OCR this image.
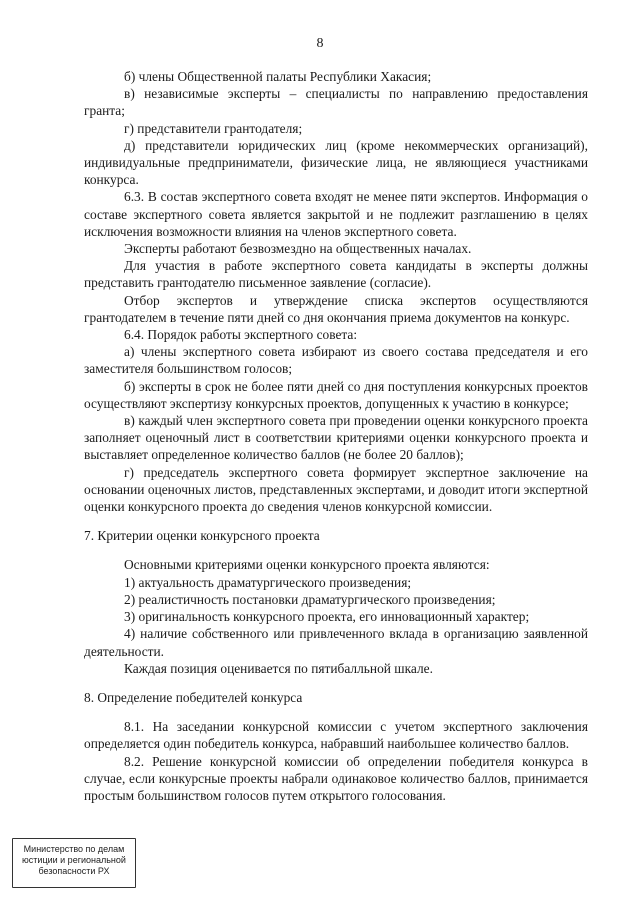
8

б) члены Общественной палаты Республики Хакасия;

в) независимые эксперты – специалисты по направлению предоставления гранта;

г) представители грантодателя;

д) представители юридических лиц (кроме некоммерческих организаций), индивидуальные предприниматели, физические лица, не являющиеся участниками конкурса.

6.3. В состав экспертного совета входят не менее пяти экспертов. Информация о составе экспертного совета является закрытой и не подлежит разглашению в целях исключения возможности влияния на членов экспертного совета.

Эксперты работают безвозмездно на общественных началах.

Для участия в работе экспертного совета кандидаты в эксперты должны представить грантодателю письменное заявление (согласие).

Отбор экспертов и утверждение списка экспертов осуществляются грантодателем в течение пяти дней со дня окончания приема документов на конкурс.

6.4. Порядок работы экспертного совета:

а) члены экспертного совета избирают из своего состава председателя и его заместителя большинством голосов;

б) эксперты в срок не более пяти дней со дня поступления конкурсных проектов осуществляют экспертизу конкурсных проектов, допущенных к участию в конкурсе;

в) каждый член экспертного совета при проведении оценки конкурсного проекта заполняет оценочный лист в соответствии критериями оценки конкурсного проекта и выставляет определенное количество баллов (не более 20 баллов);

г) председатель экспертного совета формирует экспертное заключение на основании оценочных листов, представленных экспертами, и доводит итоги экспертной оценки конкурсного проекта до сведения членов конкурсной комиссии.

7. Критерии оценки конкурсного проекта

Основными критериями оценки конкурсного проекта являются:

1) актуальность драматургического произведения;

2) реалистичность постановки драматургического произведения;

3) оригинальность конкурсного проекта, его инновационный характер;

4) наличие собственного или привлеченного вклада в организацию заявленной деятельности.

Каждая позиция оценивается по пятибалльной шкале.

8. Определение победителей конкурса

8.1. На заседании конкурсной комиссии с учетом экспертного заключения определяется один победитель конкурса, набравший наибольшее количество баллов.

8.2. Решение конкурсной комиссии об определении победителя конкурса в случае, если конкурсные проекты набрали одинаковое количество баллов, принимается простым большинством голосов путем открытого голосования.

Министерство по делам
юстиции и региональной
безопасности РХ
